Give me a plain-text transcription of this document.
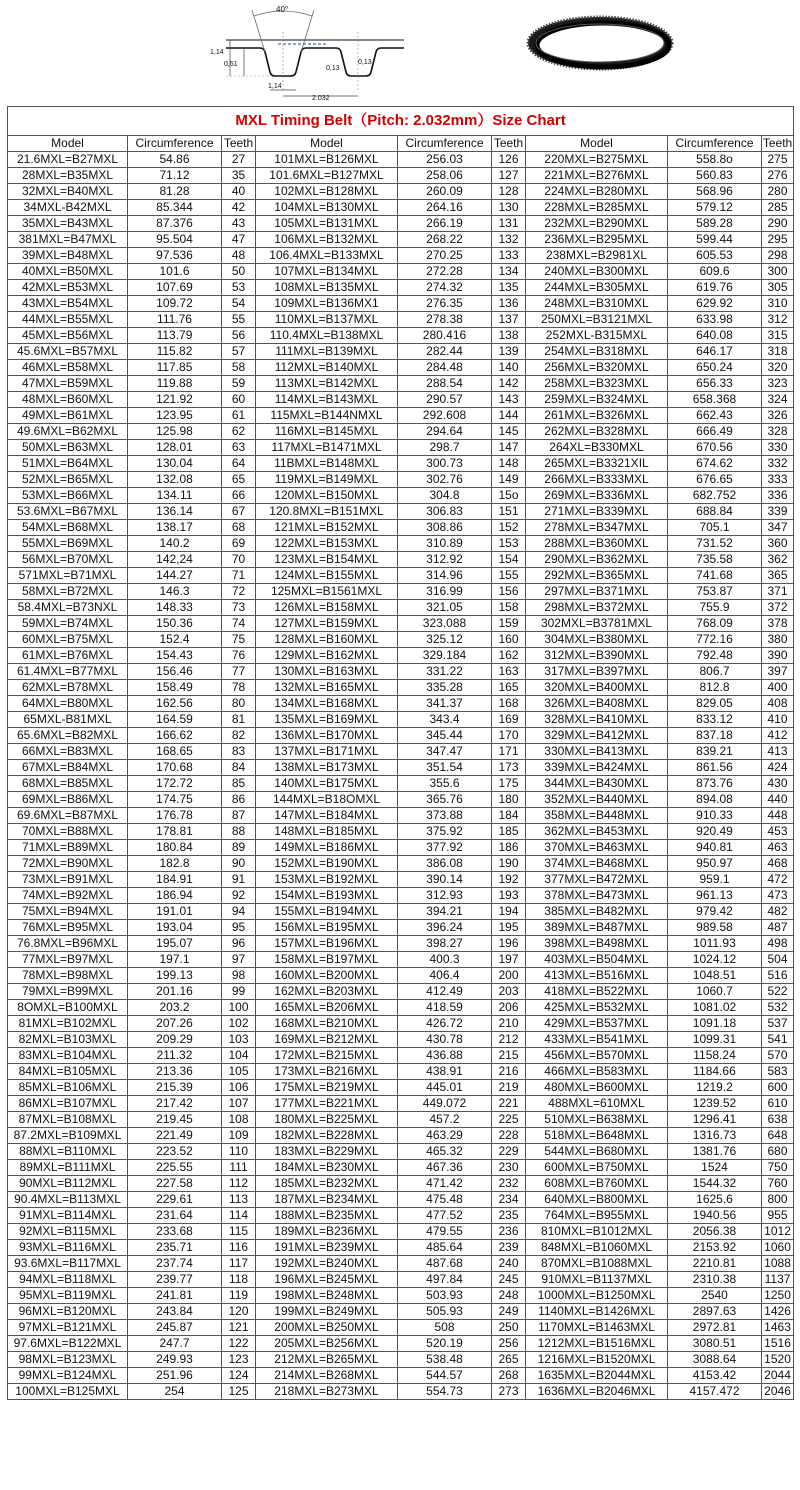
40°
1,14
0,51
0,13
0,13
1,14
2,032
MXL Timing Belt（Pitch: 2.032mm）Size Chart								
Model	Circumference	Teeth	Model	Circumference	Teeth	Model	Circumference	Teeth
21.6MXL=B27MXL	54.86	27	101MXL=B126MXL	256.03	126	220MXL=B275MXL	558.8o	275
28MXL=B35MXL	71.12	35	101.6MXL=B127MXL	258.06	127	221MXL=B276MXL	560.83	276
32MXL=B40MXL	81.28	40	102MXL=B128MXL	260.09	128	224MXL=B280MXL	568.96	280
34MXL-B42MXL	85.344	42	104MXL=B130MXL	264.16	130	228MXL=B285MXL	579.12	285
35MXL=B43MXL	87.376	43	105MXL=B131MXL	266.19	131	232MXL=B290MXL	589.28	290
381MXL=B47MXL	95.504	47	106MXL=B132MXL	268.22	132	236MXL=B295MXL	599.44	295
39MXL=B48MXL	97.536	48	106.4MXL=B133MXL	270.25	133	238MXL=B2981XL	605.53	298
40MXL=B50MXL	101.6	50	107MXL=B134MXL	272.28	134	240MXL=B300MXL	609.6	300
42MXL=B53MXL	107.69	53	108MXL=B135MXL	274.32	135	244MXL=B305MXL	619.76	305
43MXL=B54MXL	109.72	54	109MXL=B136MX1	276.35	136	248MXL=B310MXL	629.92	310
44MXL=B55MXL	111.76	55	110MXL=B137MXL	278.38	137	250MXL=B3121MXL	633.98	312
45MXL=B56MXL	113.79	56	110.4MXL=B138MXL	280.416	138	252MXL-B315MXL	640.08	315
45.6MXL=B57MXL	115.82	57	111MXL=B139MXL	282.44	139	254MXL=B318MXL	646.17	318
46MXL=B58MXL	117.85	58	112MXL=B140MXL	284.48	140	256MXL=B320MXL	650.24	320
47MXL=B59MXL	119.88	59	113MXL=B142MXL	288.54	142	258MXL=B323MXL	656.33	323
48MXL=B60MXL	121.92	60	114MXL=B143MXL	290.57	143	259MXL=B324MXL	658.368	324
49MXL=B61MXL	123.95	61	115MXL=B144NMXL	292.608	144	261MXL=B326MXL	662.43	326
49.6MXL=B62MXL	125.98	62	116MXL=B145MXL	294.64	145	262MXL=B328MXL	666.49	328
50MXL=B63MXL	128.01	63	117MXL=B1471MXL	298.7	147	264XL=B330MXL	670.56	330
51MXL=B64MXL	130.04	64	11BMXL=B148MXL	300.73	148	265MXL=B3321XIL	674.62	332
52MXL=B65MXL	132.08	65	119MXL=B149MXL	302.76	149	266MXL=B333MXL	676.65	333
53MXL=B66MXL	134.11	66	120MXL=B150MXL	304.8	15o	269MXL=B336MXL	682.752	336
53.6MXL=B67MXL	136.14	67	120.8MXL=B151MXL	306.83	151	271MXL=B339MXL	688.84	339
54MXL=B68MXL	138.17	68	121MXL=B152MXL	308.86	152	278MXL=B347MXL	705.1	347
55MXL=B69MXL	140.2	69	122MXL=B153MXL	310.89	153	288MXL=B360MXL	731.52	360
56MXL=B70MXL	142,24	70	123MXL=B154MXL	312.92	154	290MXL=B362MXL	735.58	362
571MXL=B71MXL	144.27	71	124MXL=B155MXL	314.96	155	292MXL=B365MXL	741.68	365
58MXL=B72MXL	146.3	72	125MXL=B1561MXL	316.99	156	297MXL=B371MXL	753.87	371
58.4MXL=B73NXL	148.33	73	126MXL=B158MXL	321.05	158	298MXL=B372MXL	755.9	372
59MXL=B74MXL	150.36	74	127MXL=B159MXL	323.088	159	302MXL=B3781MXL	768.09	378
60MXL=B75MXL	152.4	75	128MXL=B160MXL	325.12	160	304MXL=B380MXL	772.16	380
61MXL=B76MXL	154.43	76	129MXL=B162MXL	329.184	162	312MXL=B390MXL	792.48	390
61.4MXL=B77MXL	156.46	77	130MXL=B163MXL	331.22	163	317MXL=B397MXL	806.7	397
62MXL=B78MXL	158.49	78	132MXL=B165MXL	335.28	165	320MXL=B400MXL	812.8	400
64MXL=B80MXL	162.56	80	134MXL=B168MXL	341.37	168	326MXL=B408MXL	829.05	408
65MXL-B81MXL	164.59	81	135MXL=B169MXL	343.4	169	328MXL=B410MXL	833.12	410
65.6MXL=B82MXL	166.62	82	136MXL=B170MXL	345.44	170	329MXL=B412MXL	837.18	412
66MXL=B83MXL	168.65	83	137MXL=B171MXL	347.47	171	330MXL=B413MXL	839.21	413
67MXL=B84MXL	170.68	84	138MXL=B173MXL	351.54	173	339MXL=B424MXL	861.56	424
68MXL=B85MXL	172.72	85	140MXL=B175MXL	355.6	175	344MXL=B430MXL	873.76	430
69MXL=B86MXL	174.75	86	144MXL=B18OMXL	365.76	180	352MXL=B440MXL	894.08	440
69.6MXL=B87MXL	176.78	87	147MXL=B184MXL	373.88	184	358MXL=B448MXL	910.33	448
70MXL=B88MXL	178.81	88	148MXL=B185MXL	375.92	185	362MXL=B453MXL	920.49	453
71MXL=B89MXL	180.84	89	149MXL=B186MXL	377.92	186	370MXL=B463MXL	940.81	463
72MXL=B90MXL	182.8	90	152MXL=B190MXL	386.08	190	374MXL=B468MXL	950.97	468
73MXL=B91MXL	184.91	91	153MXL=B192MXL	390.14	192	377MXL=B472MXL	959.1	472
74MXL=B92MXL	186.94	92	154MXL=B193MXL	312.93	193	378MXL=B473MXL	961.13	473
75MXL=B94MXL	191.01	94	155MXL=B194MXL	394.21	194	385MXL=B482MXL	979.42	482
76MXL=B95MXL	193.04	95	156MXL=B195MXL	396.24	195	389MXL=B487MXL	989.58	487
76.8MXL=B96MXL	195.07	96	157MXL=B196MXL	398.27	196	398MXL=B498MXL	1011.93	498
77MXL=B97MXL	197.1	97	158MXL=B197MXL	400.3	197	403MXL=B504MXL	1024.12	504
78MXL=B98MXL	199.13	98	160MXL=B200MXL	406.4	200	413MXL=B516MXL	1048.51	516
79MXL=B99MXL	201.16	99	162MXL=B203MXL	412.49	203	418MXL=B522MXL	1060.7	522
8OMXL=B100MXL	203.2	100	165MXL=B206MXL	418.59	206	425MXL=B532MXL	1081.02	532
81MXL=B102MXL	207.26	102	168MXL=B210MXL	426.72	210	429MXL=B537MXL	1091.18	537
82MXL=B103MXL	209.29	103	169MXL=B212MXL	430.78	212	433MXL=B541MXL	1099.31	541
83MXL=B104MXL	211.32	104	172MXL=B215MXL	436.88	215	456MXL=B570MXL	1158.24	570
84MXL=B105MXL	213.36	105	173MXL=B216MXL	438.91	216	466MXL=B583MXL	1184.66	583
85MXL=B106MXL	215.39	106	175MXL=B219MXL	445.01	219	480MXL=B600MXL	1219.2	600
86MXL=B107MXL	217.42	107	177MXL=B221MXL	449.072	221	488MXL=610MXL	1239.52	610
87MXL=B108MXL	219.45	108	180MXL=B225MXL	457.2	225	510MXL=B638MXL	1296.41	638
87.2MXL=B109MXL	221.49	109	182MXL=B228MXL	463.29	228	518MXL=B648MXL	1316.73	648
88MXL=B110MXL	223.52	110	183MXL=B229MXL	465.32	229	544MXL=B680MXL	1381.76	680
89MXL=B111MXL	225.55	111	184MXL=B230MXL	467.36	230	600MXL=B750MXL	1524	750
90MXL=B112MXL	227.58	112	185MXL=B232MXL	471.42	232	608MXL=B760MXL	1544.32	760
90.4MXL=B113MXL	229.61	113	187MXL=B234MXL	475.48	234	640MXL=B800MXL	1625.6	800
91MXL=B114MXL	231.64	114	188MXL=B235MXL	477.52	235	764MXL=B955MXL	1940.56	955
92MXL=B115MXL	233.68	115	189MXL=B236MXL	479.55	236	810MXL=B1012MXL	2056.38	1012
93MXL=B116MXL	235.71	116	191MXL=B239MXL	485.64	239	848MXL=B1060MXL	2153.92	1060
93.6MXL=B117MXL	237.74	117	192MXL=B240MXL	487.68	240	870MXL=B1088MXL	2210.81	1088
94MXL=B118MXL	239.77	118	196MXL=B245MXL	497.84	245	910MXL=B1137MXL	2310.38	1137
95MXL=B119MXL	241.81	119	198MXL=B248MXL	503.93	248	1000MXL=B1250MXL	2540	1250
96MXL=B120MXL	243.84	120	199MXL=B249MXL	505.93	249	1140MXL=B1426MXL	2897.63	1426
97MXL=B121MXL	245.87	121	200MXL=B250MXL	508	250	1170MXL=B1463MXL	2972.81	1463
97.6MXL=B122MXL	247.7	122	205MXL=B256MXL	520.19	256	1212MXL=B1516MXL	3080.51	1516
98MXL=B123MXL	249.93	123	212MXL=B265MXL	538.48	265	1216MXL=B1520MXL	3088.64	1520
99MXL=B124MXL	251.96	124	214MXL=B268MXL	544.57	268	1635MXL=B2044MXL	4153.42	2044
100MXL=B125MXL	254	125	218MXL=B273MXL	554.73	273	1636MXL=B2046MXL	4157.472	2046
